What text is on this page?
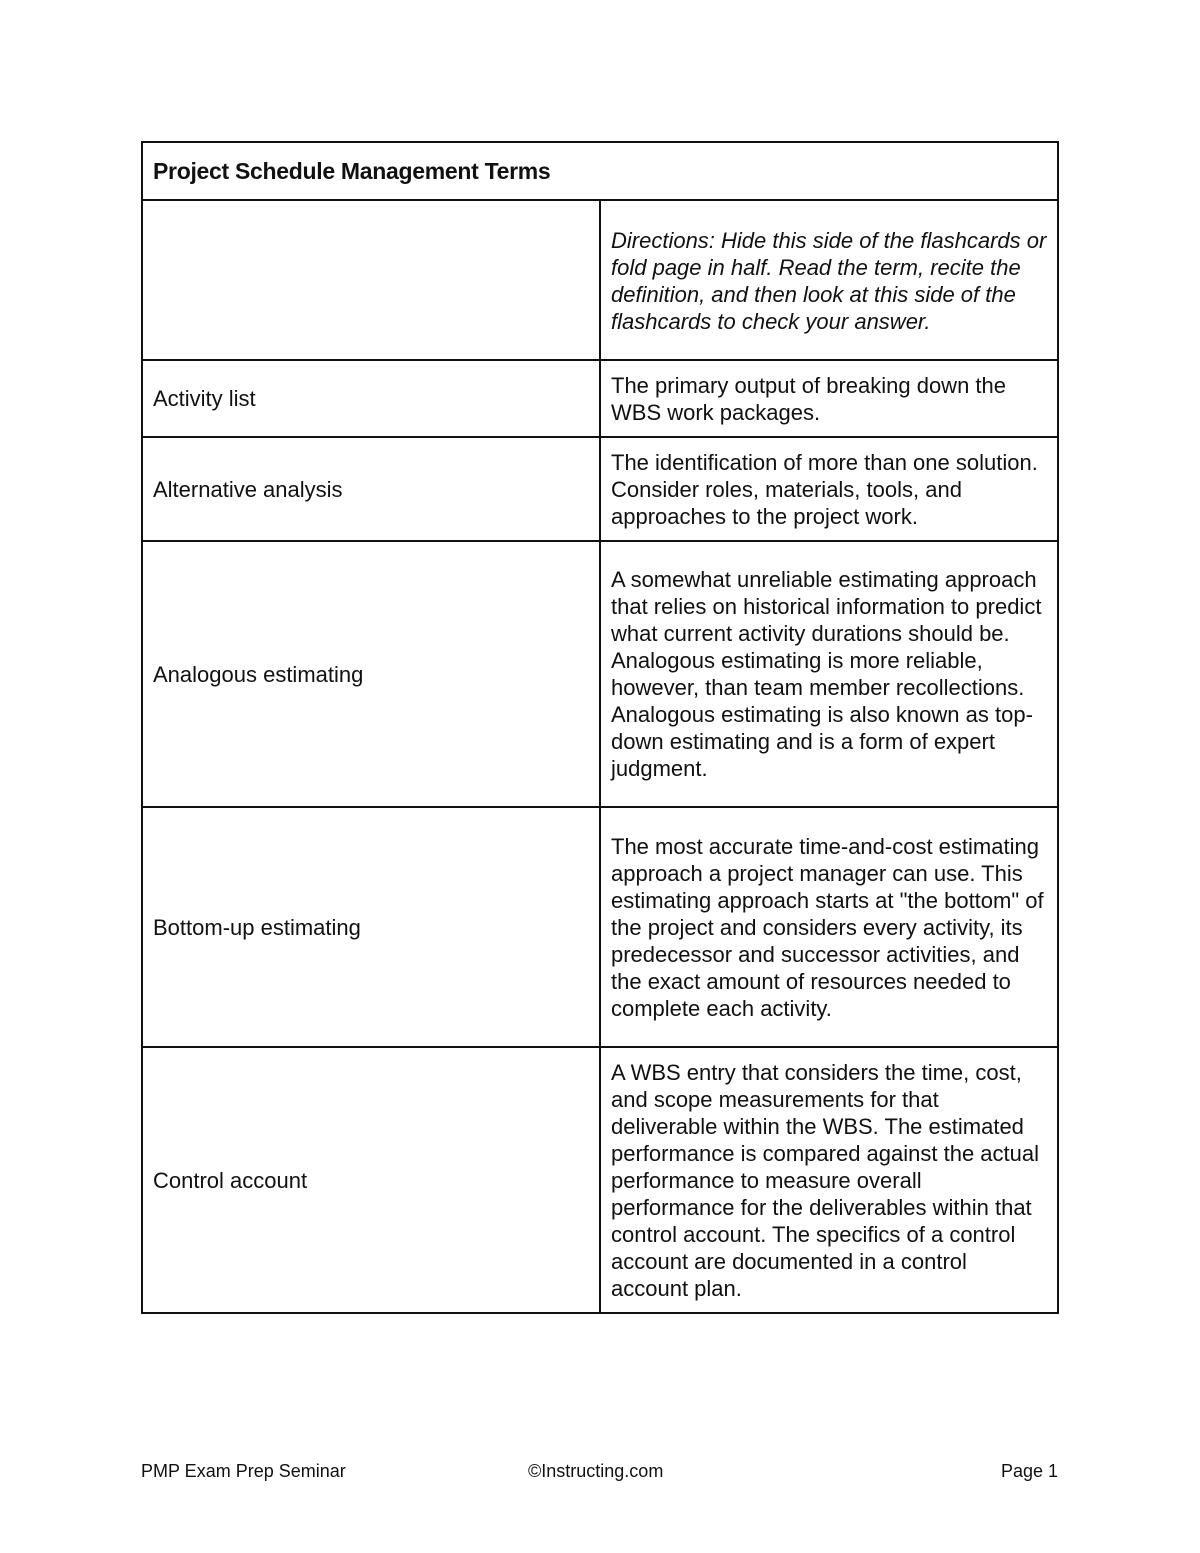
Project Schedule Management Terms	
	Directions: Hide this side of the flashcards or fold page in half. Read the term, recite the definition, and then look at this side of the flashcards to check your answer.
Activity list	The primary output of breaking down the WBS work packages.
Alternative analysis	The identification of more than one solution. Consider roles, materials, tools, and approaches to the project work.
Analogous estimating	A somewhat unreliable estimating approach that relies on historical information to predict what current activity durations should be. Analogous estimating is more reliable, however, than team member recollections. Analogous estimating is also known as top-down estimating and is a form of expert judgment.
Bottom-up estimating	The most accurate time-and-cost estimating approach a project manager can use. This estimating approach starts at "the bottom" of the project and considers every activity, its predecessor and successor activities, and the exact amount of resources needed to complete each activity.
Control account	A WBS entry that considers the time, cost, and scope measurements for that deliverable within the WBS. The estimated performance is compared against the actual performance to measure overall performance for the deliverables within that control account. The specifics of a control account are documented in a control account plan.
PMP Exam Prep Seminar	©Instructing.com	Page 1
